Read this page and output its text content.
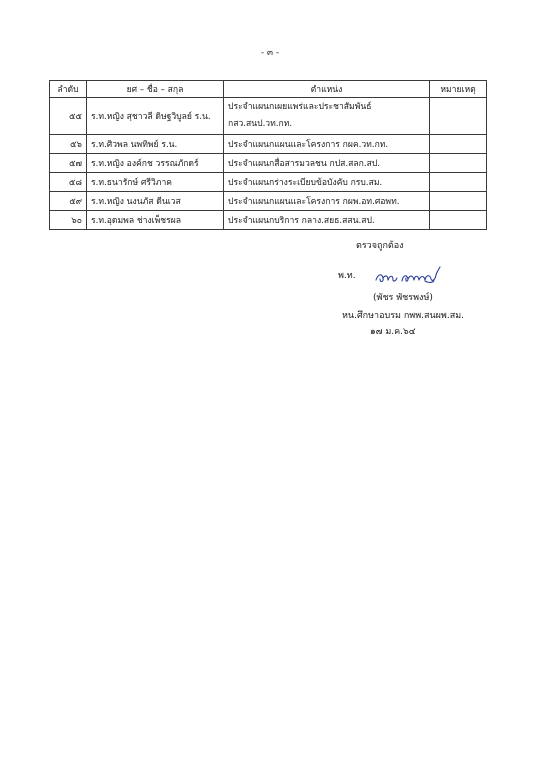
- ๓ -
ลำดับ	ยศ – ชื่อ – สกุล	ตำแหน่ง	หมายเหตุ
๕๕	ร.ท.หญิง สุชาวลี ดิษฐวิบูลย์ ร.น.	ประจำแผนกเผยแพร่และประชาสัมพันธ์
กสว.สนป.วท.กท.	

๕๖	ร.ท.ศิวพล นพทิพย์ ร.น.	ประจำแผนกแผนและโครงการ กผค.วท.กท.	
๕๗	ร.ท.หญิง องค์กช วรรณภักดร์	ประจำแผนกสื่อสารมวลชน กปส.สลก.สป.	
๕๘	ร.ท.ธนารักษ์ ศรีวิภาค	ประจำแผนกร่างระเบียบข้อบังคับ กรบ.สม.	
๕๙	ร.ท.หญิง นงนภัส ดีนเวส	ประจำแผนกแผนและโครงการ กผพ.อท.ศอพท.	
๖๐	ร.ท.อุดมพล ช่างเพ็ชรผล	ประจำแผนกบริการ กลาง.สยธ.สสน.สป.	
ตรวจถูกต้อง
พ.ท.
(พัชร พัชรพงษ์)
หน.ศึกษาอบรม กพพ.สนผพ.สม.
๑๗ ม.ค.๖๔
